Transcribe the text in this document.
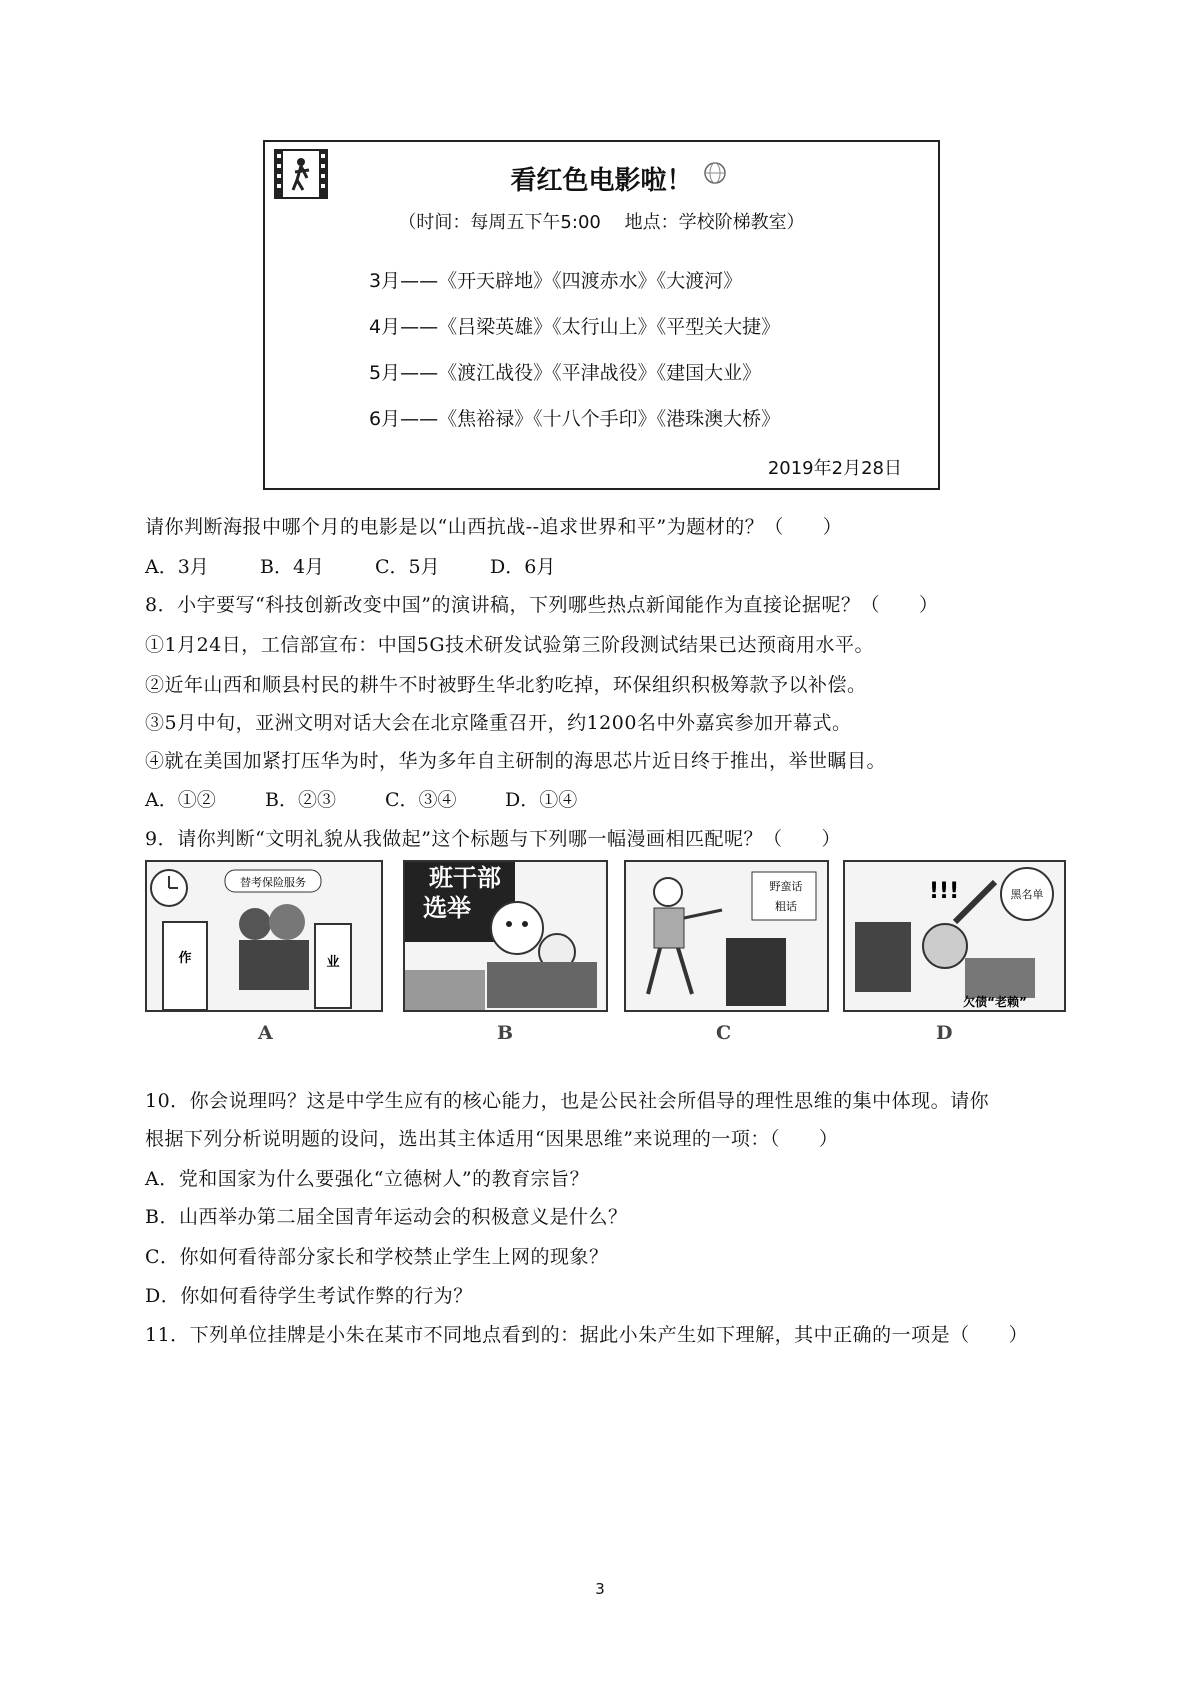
看红色电影啦！
（时间：每周五下午5:00　 地点：学校阶梯教室）
3月——《开天辟地》《四渡赤水》《大渡河》
4月——《吕梁英雄》《太行山上》《平型关大捷》
5月——《渡江战役》《平津战役》《建国大业》
6月——《焦裕禄》《十八个手印》《港珠澳大桥》
2019年2月28日
请你判断海报中哪个月的电影是以“山西抗战--追求世界和平”为题材的？（　　）
A．3月	B．4月	C．5月	D．6月
8．小宇要写“科技创新改变中国”的演讲稿，下列哪些热点新闻能作为直接论据呢？（　　）
①1月24日，工信部宣布：中国5G技术研发试验第三阶段测试结果已达预商用水平。
②近年山西和顺县村民的耕牛不时被野生华北豹吃掉，环保组织积极筹款予以补偿。
③5月中旬，亚洲文明对话大会在北京隆重召开，约1200名中外嘉宾参加开幕式。
④就在美国加紧打压华为时，华为多年自主研制的海思芯片近日终于推出，举世瞩目。
A．①②	B．②③	C．③④	D．①④
9．请你判断“文明礼貌从我做起”这个标题与下列哪一幅漫画相匹配呢？（　　）
替考保险服务
作	业
班干部
选举
野蛮话
粗话
!!!	黑名单
欠债“老赖”
A	B	C	D
10．你会说理吗？这是中学生应有的核心能力，也是公民社会所倡导的理性思维的集中体现。请你
根据下列分析说明题的设问，选出其主体适用“因果思维”来说理的一项：（　　）
A．党和国家为什么要强化“立德树人”的教育宗旨？
B．山西举办第二届全国青年运动会的积极意义是什么？
C．你如何看待部分家长和学校禁止学生上网的现象？
D．你如何看待学生考试作弊的行为？
11．下列单位挂牌是小朱在某市不同地点看到的：据此小朱产生如下理解，其中正确的一项是（　　）
3
